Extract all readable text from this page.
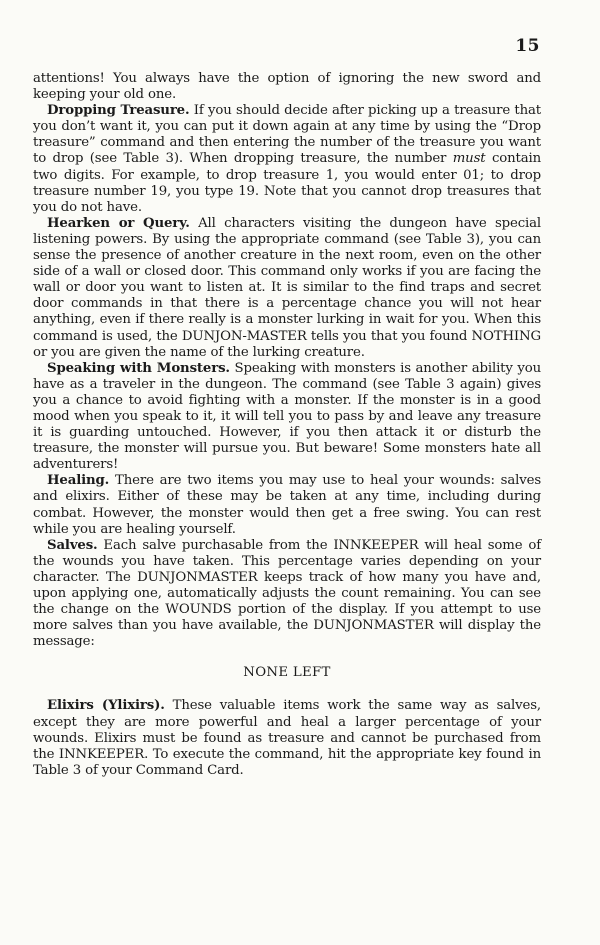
15

attentions! You always have the option of ignoring the new sword and keeping your old one.

Dropping Treasure. If you should decide after picking up a treasure that you don’t want it, you can put it down again at any time by using the “Drop treasure” command and then entering the number of the treasure you want to drop (see Table 3). When dropping treasure, the number must contain two digits. For example, to drop treasure 1, you would enter 01; to drop treasure number 19, you type 19. Note that you cannot drop treasures that you do not have.

Hearken or Query. All characters visiting the dungeon have special listening powers. By using the appropriate command (see Table 3), you can sense the presence of another creature in the next room, even on the other side of a wall or closed door. This command only works if you are facing the wall or door you want to listen at. It is similar to the find traps and secret door commands in that there is a percentage chance you will not hear anything, even if there really is a monster lurking in wait for you. When this command is used, the DUNJON-MASTER tells you that you found NOTHING or you are given the name of the lurking creature.

Speaking with Monsters. Speaking with monsters is another ability you have as a traveler in the dungeon. The command (see Table 3 again) gives you a chance to avoid fighting with a monster. If the monster is in a good mood when you speak to it, it will tell you to pass by and leave any treasure it is guarding untouched. However, if you then attack it or disturb the treasure, the monster will pursue you. But beware! Some monsters hate all adventurers!

Healing. There are two items you may use to heal your wounds: salves and elixirs. Either of these may be taken at any time, including during combat. However, the monster would then get a free swing. You can rest while you are healing yourself.

Salves. Each salve purchasable from the INNKEEPER will heal some of the wounds you have taken. This percentage varies depending on your character. The DUNJONMASTER keeps track of how many you have and, upon applying one, automatically adjusts the count remaining. You can see the change on the WOUNDS portion of the display. If you attempt to use more salves than you have available, the DUNJONMASTER will display the message:

NONE LEFT

Elixirs (Ylixirs). These valuable items work the same way as salves, except they are more powerful and heal a larger percentage of your wounds. Elixirs must be found as treasure and cannot be purchased from the INNKEEPER. To execute the command, hit the appropriate key found in Table 3 of your Command Card.
